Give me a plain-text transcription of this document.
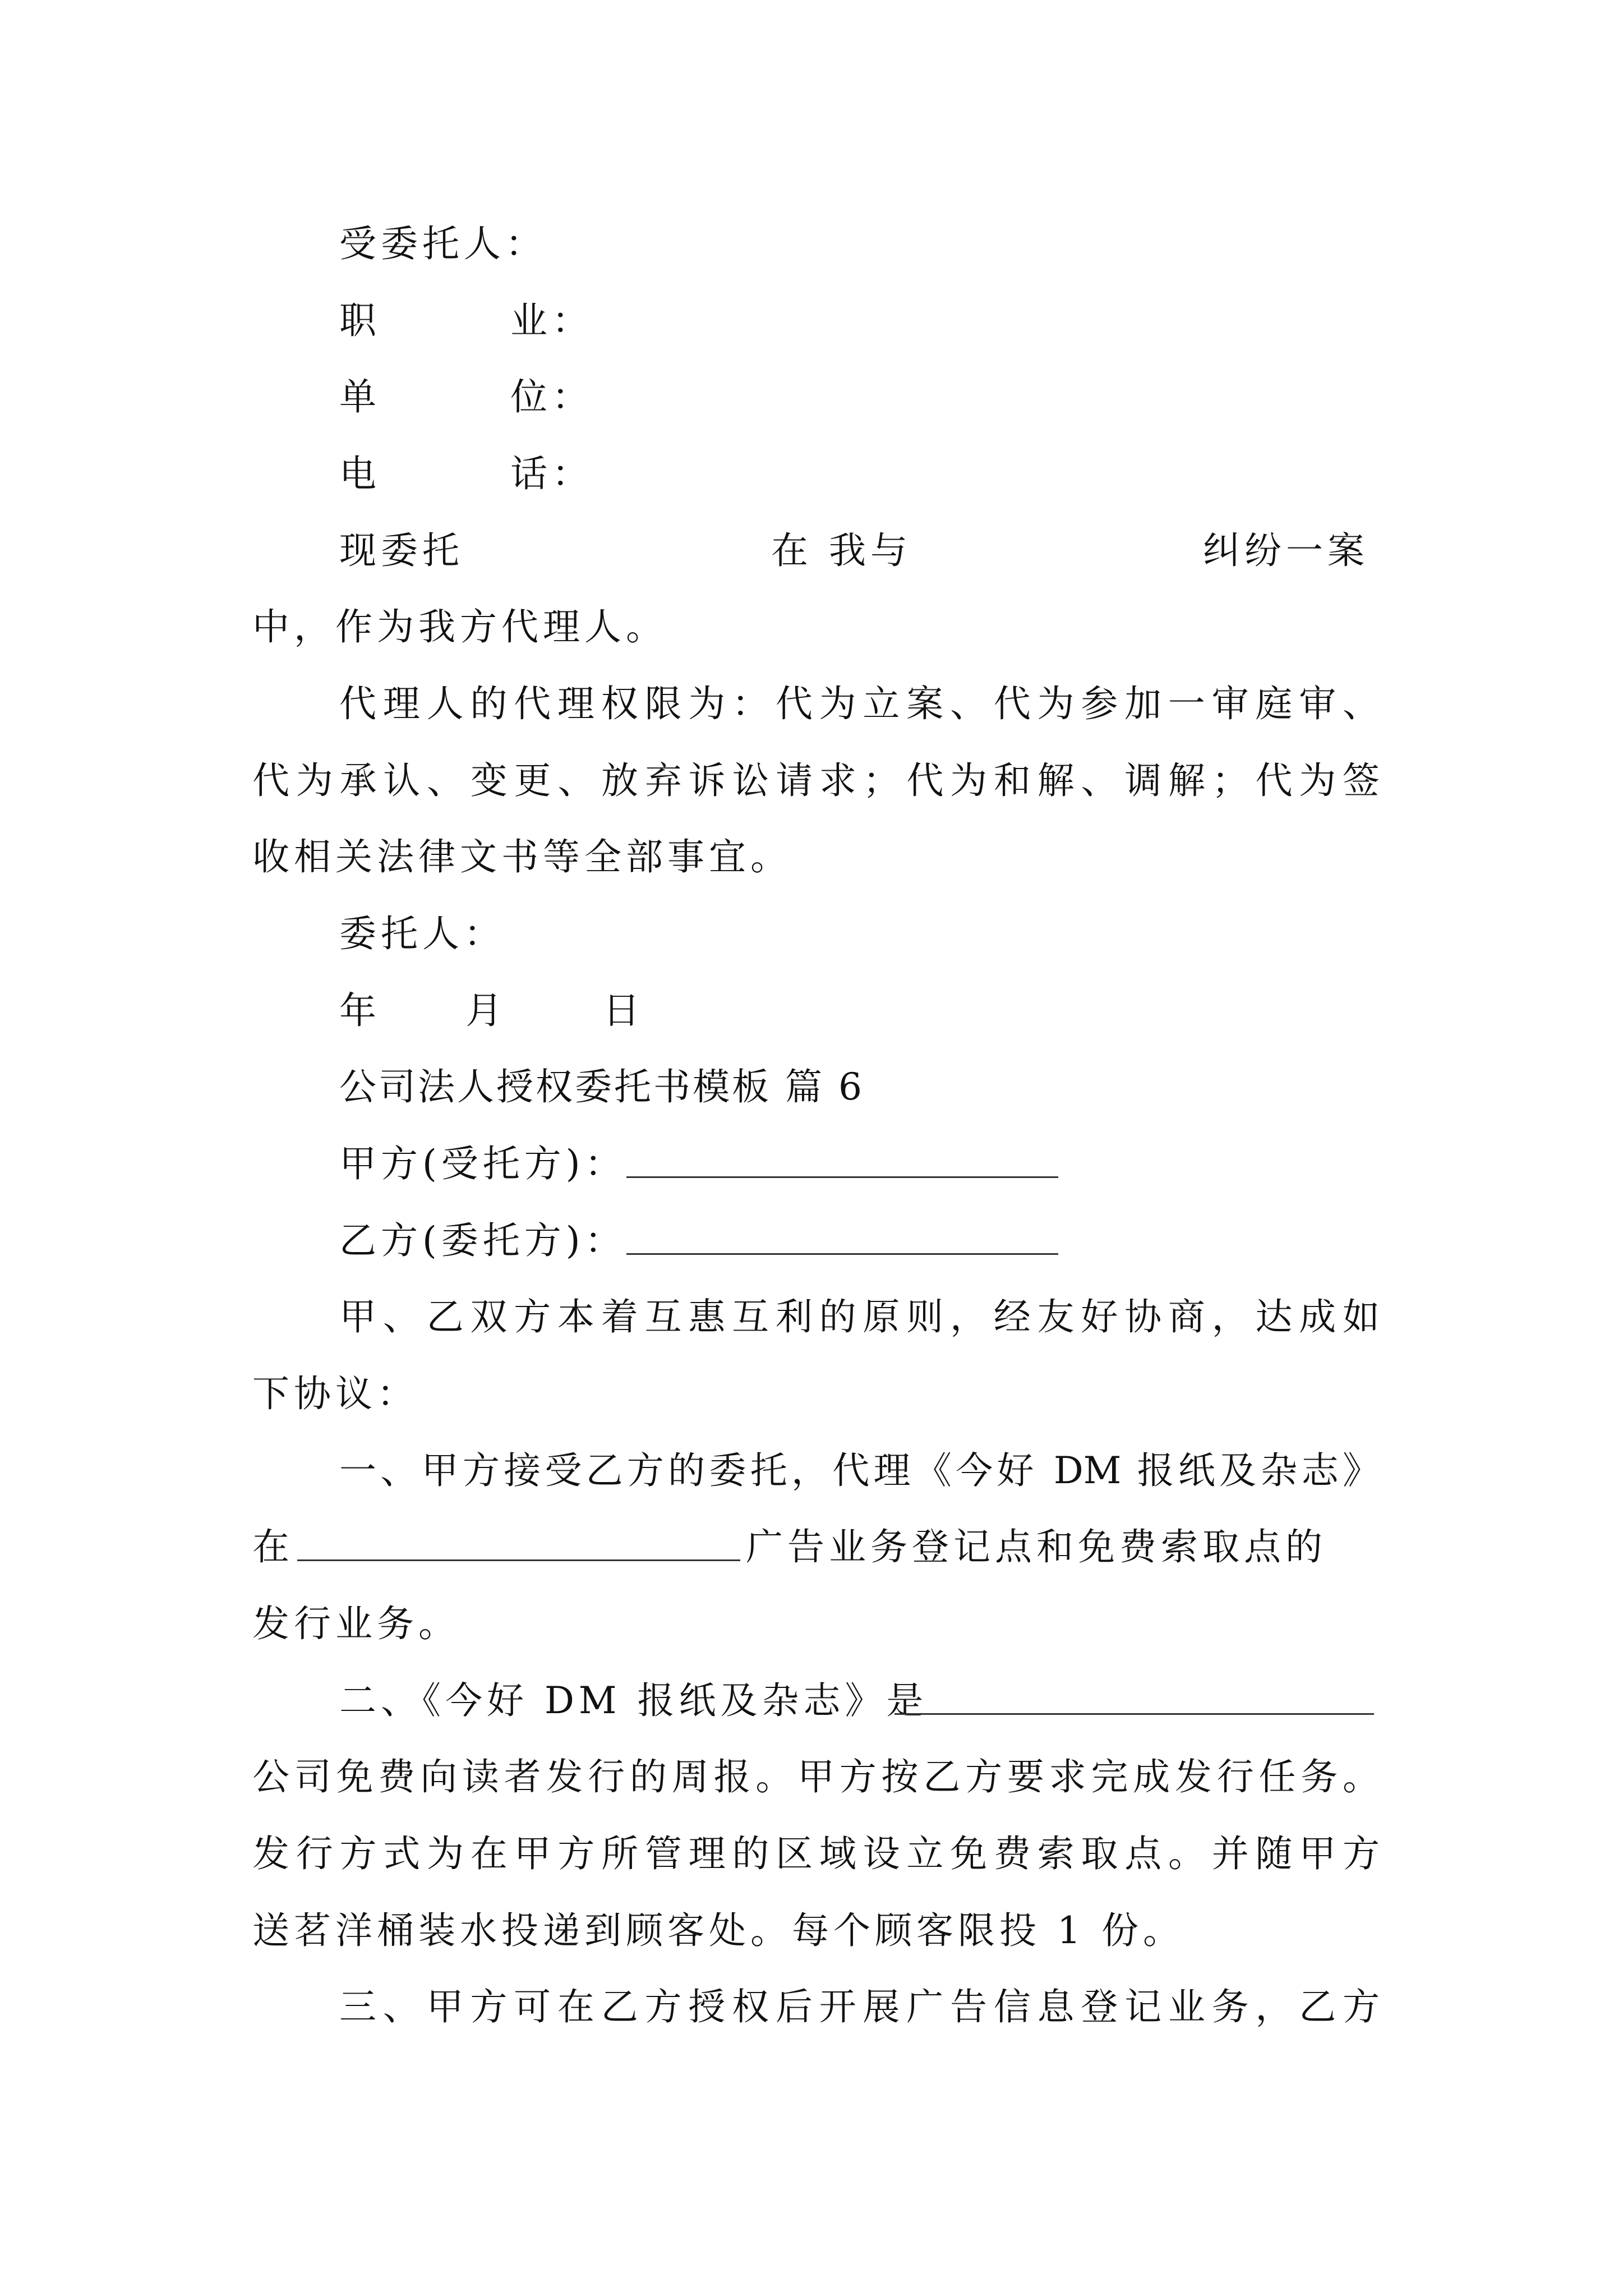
受委托人：
职	业：
单	位：
电	话：
现委托	在 我与	纠纷一案
中，作为我方代理人。
代理人的代理权限为：代为立案、代为参加一审庭审、
代为承认、变更、放弃诉讼请求；代为和解、调解；代为签
收相关法律文书等全部事宜。
委托人：
年 月	日
公司法人授权委托书模板 篇 6
甲方(受托方)：
乙方(委托方)：
甲、乙双方本着互惠互利的原则，经友好协商，达成如
下协议：
一、甲方接受乙方的委托，代理《今好 DM 报纸及杂志》
在	广告业务登记点和免费索取点的
发行业务。
二、《今好 DM 报纸及杂志》是
公司免费向读者发行的周报。甲方按乙方要求完成发行任务。
发行方式为在甲方所管理的区域设立免费索取点。并随甲方
送茗洋桶装水投递到顾客处。每个顾客限投 1 份。
三、甲方可在乙方授权后开展广告信息登记业务，乙方
